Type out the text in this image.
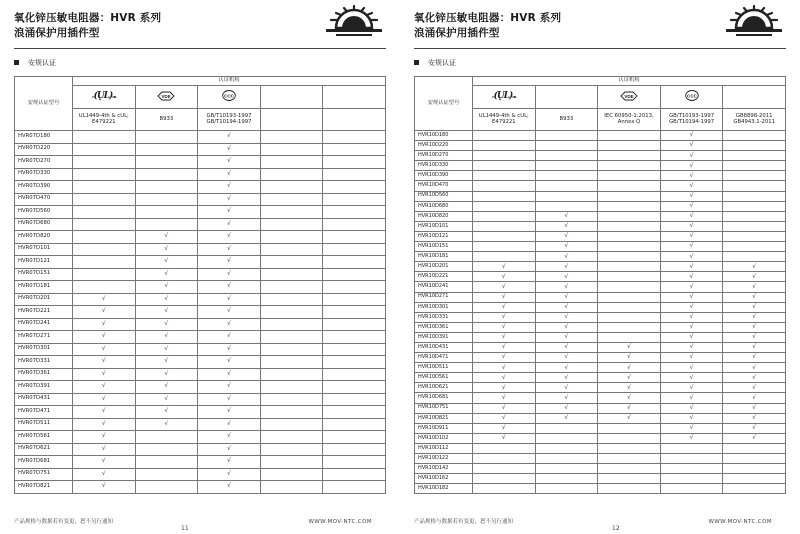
氧化锌压敏电阻器：HVR 系列
浪涌保护用插件型
安规认证
安规认证型号	认证机构				
	c(ŲL)us	VDE	CCC		

	UL1449-4th & cUL; E479221	B933	GB/T10193-1997 GB/T10194-1997		
HVR07D180			√		
HVR07D220			√		
HVR07D270			√		
HVR07D330			√		
HVR07D390			√		
HVR07D470			√		
HVR07D560			√		
HVR07D680			√		
HVR07D820		√	√		
HVR07D101		√	√		
HVR07D121		√	√		
HVR07D151		√	√		
HVR07D181		√	√		
HVR07D201	√	√	√		
HVR07D221	√	√	√		
HVR07D241	√	√	√		
HVR07D271	√	√	√		
HVR07D301	√	√	√		
HVR07D331	√	√	√		
HVR07D361	√	√	√		
HVR07D391	√	√	√		
HVR07D431	√	√	√		
HVR07D471	√	√	√		
HVR07D511	√	√	√		
HVR07D561	√		√		
HVR07D621	√		√		
HVR07D681	√		√		
HVR07D751	√		√		
HVR07D821	√		√		
产品规格与数据若有变更，恕不另行通知
11
WWW.MOV-NTC.COM
氧化锌压敏电阻器：HVR 系列
浪涌保护用插件型
安规认证
安规认证型号	认证机构				
	c(ŲL)us		VDE	CCC	

	UL1449-4th & cUL; E479221	B933	IEC 60950-1:2013, Annex Q	GB/T10193-1997 GB/T10194-1997	GB8898-2011 GB4943.1-2011
HVR10D180				√	
HVR10D220				√	
HVR10D270				√	
HVR10D330				√	
HVR10D390				√	
HVR10D470				√	
HVR10D560				√	
HVR10D680				√	
HVR10D820		√		√	
HVR10D101		√		√	
HVR10D121		√		√	
HVR10D151		√		√	
HVR10D181		√		√	
HVR10D201	√	√		√	√
HVR10D221	√	√		√	√
HVR10D241	√	√		√	√
HVR10D271	√	√		√	√
HVR10D301	√	√		√	√
HVR10D331	√	√		√	√
HVR10D361	√	√		√	√
HVR10D391	√	√		√	√
HVR10D431	√	√	√	√	√
HVR10D471	√	√	√	√	√
HVR10D511	√	√	√	√	√
HVR10D561	√	√	√	√	√
HVR10D621	√	√	√	√	√
HVR10D681	√	√	√	√	√
HVR10D751	√	√	√	√	√
HVR10D821	√	√	√	√	√
HVR10D911	√			√	√
HVR10D102	√			√	√
HVR10D112					
HVR10D122					
HVR10D142					
HVR10D162					
HVR10D182					
产品规格与数据若有变更，恕不另行通知
12
WWW.MOV-NTC.COM
